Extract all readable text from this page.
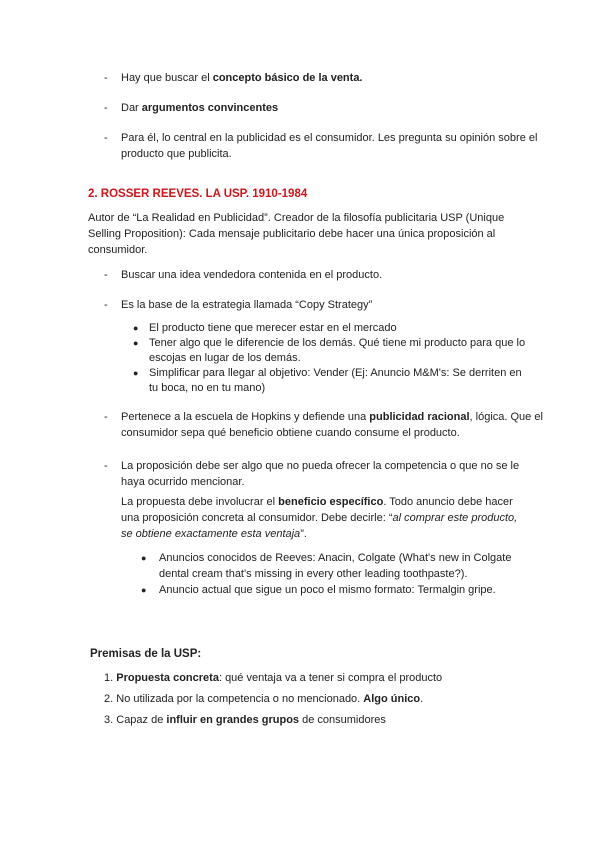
- Hay que buscar el concepto básico de la venta.
- Dar argumentos convincentes
- Para él, lo central en la publicidad es el consumidor. Les pregunta su opinión sobre el producto que publicita.
2. ROSSER REEVES. LA USP. 1910-1984
Autor de “La Realidad en Publicidad”. Creador de la filosofía publicitaria USP (Unique Selling Proposition): Cada mensaje publicitario debe hacer una única proposición al consumidor.
- Buscar una idea vendedora contenida en el producto.
- Es la base de la estrategia llamada “Copy Strategy”
● El producto tiene que merecer estar en el mercado
● Tener algo que le diferencie de los demás. Qué tiene mi producto para que lo escojas en lugar de los demás.
● Simplificar para llegar al objetivo: Vender (Ej: Anuncio M&M's: Se derriten en tu boca, no en tu mano)
- Pertenece a la escuela de Hopkins y defiende una publicidad racional, lógica. Que el consumidor sepa qué beneficio obtiene cuando consume el producto.
- La proposición debe ser algo que no pueda ofrecer la competencia o que no se le haya ocurrido mencionar.
La propuesta debe involucrar el beneficio específico. Todo anuncio debe hacer una proposición concreta al consumidor. Debe decirle: “al comprar este producto, se obtiene exactamente esta ventaja”.
● Anuncios conocidos de Reeves: Anacin, Colgate (What's new in Colgate dental cream that's missing in every other leading toothpaste?).
● Anuncio actual que sigue un poco el mismo formato: Termalgin gripe.
Premisas de la USP:
1. Propuesta concreta: qué ventaja va a tener si compra el producto
2. No utilizada por la competencia o no mencionado. Algo único.
3. Capaz de influir en grandes grupos de consumidores
